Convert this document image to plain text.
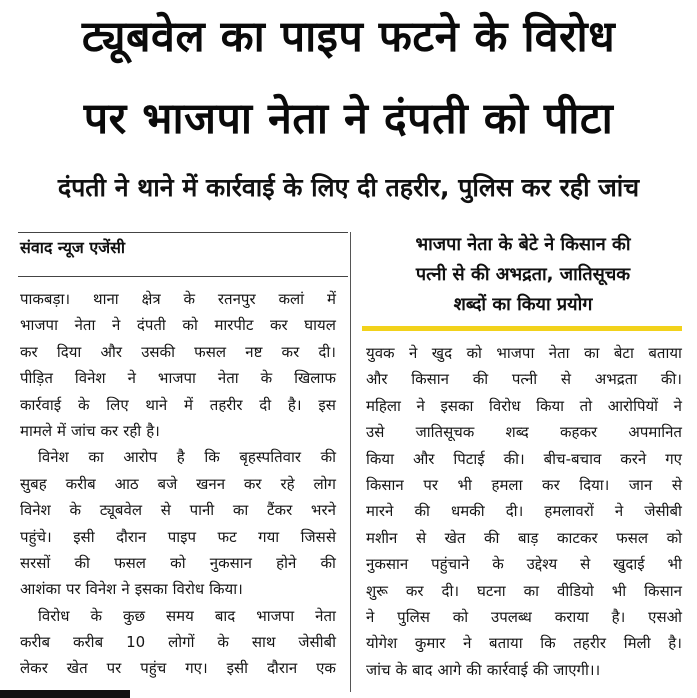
ट्यूबवेल का पाइप फटने के विरोध
पर भाजपा नेता ने दंपती को पीटा
दंपती ने थाने में कार्रवाई के लिए दी तहरीर, पुलिस कर रही जांच
संवाद न्यूज एजेंसी	भाजपा नेता के बेटे ने किसान की
पत्नी से की अभद्रता, जातिसूचक
शब्दों का किया प्रयोग
पाकबड़ा। थाना क्षेत्र के रतनपुर कलां में
भाजपा नेता ने दंपती को मारपीट कर घायल
कर दिया और उसकी फसल नष्ट कर दी।
पीड़ित विनेश ने भाजपा नेता के खिलाफ
कार्रवाई के लिए थाने में तहरीर दी है। इस
मामले में जांच कर रही है।
विनेश का आरोप है कि बृहस्पतिवार की
सुबह करीब आठ बजे खनन कर रहे लोग
विनेश के ट्यूबवेल से पानी का टैंकर भरने
पहुंचे। इसी दौरान पाइप फट गया जिससे
सरसों की फसल को नुकसान होने की
आशंका पर विनेश ने इसका विरोध किया।
विरोध के कुछ समय बाद भाजपा नेता
करीब करीब 10 लोगों के साथ जेसीबी
लेकर खेत पर पहुंच गए। इसी दौरान एक
युवक ने खुद को भाजपा नेता का बेटा बताया
और किसान की पत्नी से अभद्रता की।
महिला ने इसका विरोध किया तो आरोपियों ने
उसे जातिसूचक शब्द कहकर अपमानित
किया और पिटाई की। बीच-बचाव करने गए
किसान पर भी हमला कर दिया। जान से
मारने की धमकी दी। हमलावरों ने जेसीबी
मशीन से खेत की बाड़ काटकर फसल को
नुकसान पहुंचाने के उद्देश्य से खुदाई भी
शुरू कर दी। घटना का वीडियो भी किसान
ने पुलिस को उपलब्ध कराया है। एसओ
योगेश कुमार ने बताया कि तहरीर मिली है।
जांच के बाद आगे की कार्रवाई की जाएगी।।
